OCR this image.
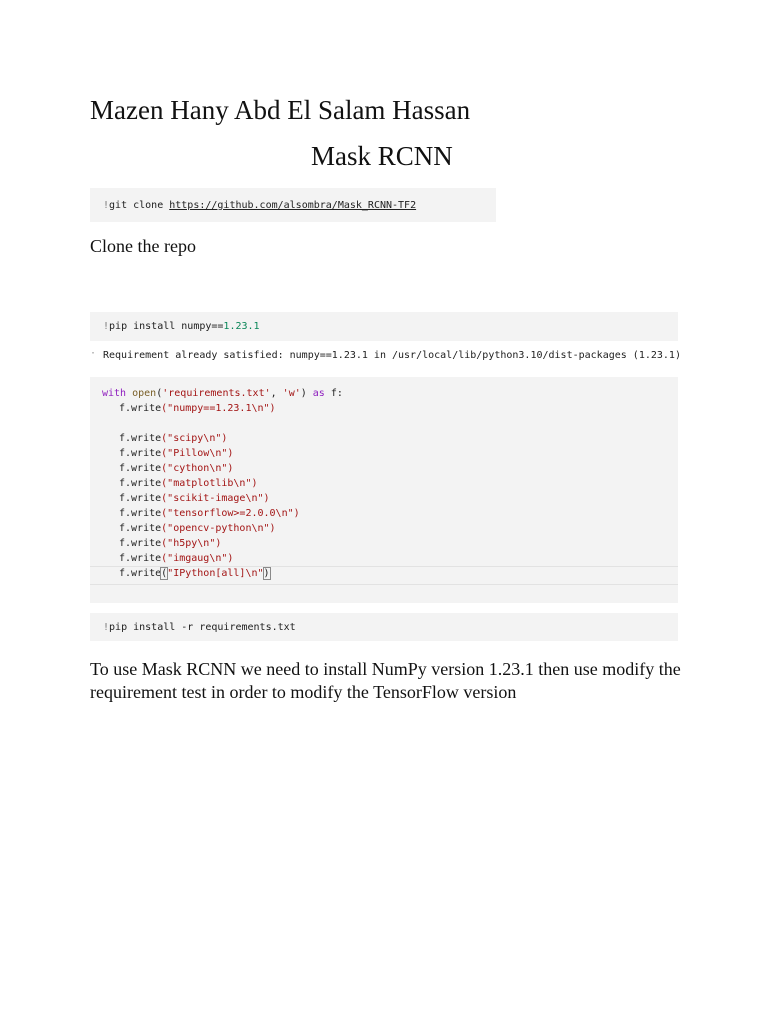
Mazen Hany Abd El Salam Hassan
Mask RCNN
!git clone https://github.com/alsombra/Mask_RCNN-TF2
Clone the repo
!pip install numpy==1.23.1
· Requirement already satisfied: numpy==1.23.1 in /usr/local/lib/python3.10/dist-packages (1.23.1)
with open('requirements.txt', 'w') as f:
f.write("numpy==1.23.1\n")
f.write("scipy\n")
f.write("Pillow\n")
f.write("cython\n")
f.write("matplotlib\n")
f.write("scikit-image\n")
f.write("tensorflow>=2.0.0\n")
f.write("opencv-python\n")
f.write("h5py\n")
f.write("imgaug\n")
f.write("IPython[all]\n")
!pip install -r requirements.txt
To use Mask RCNN we need to install NumPy version 1.23.1 then use modify the
requirement test in order to modify the TensorFlow version
